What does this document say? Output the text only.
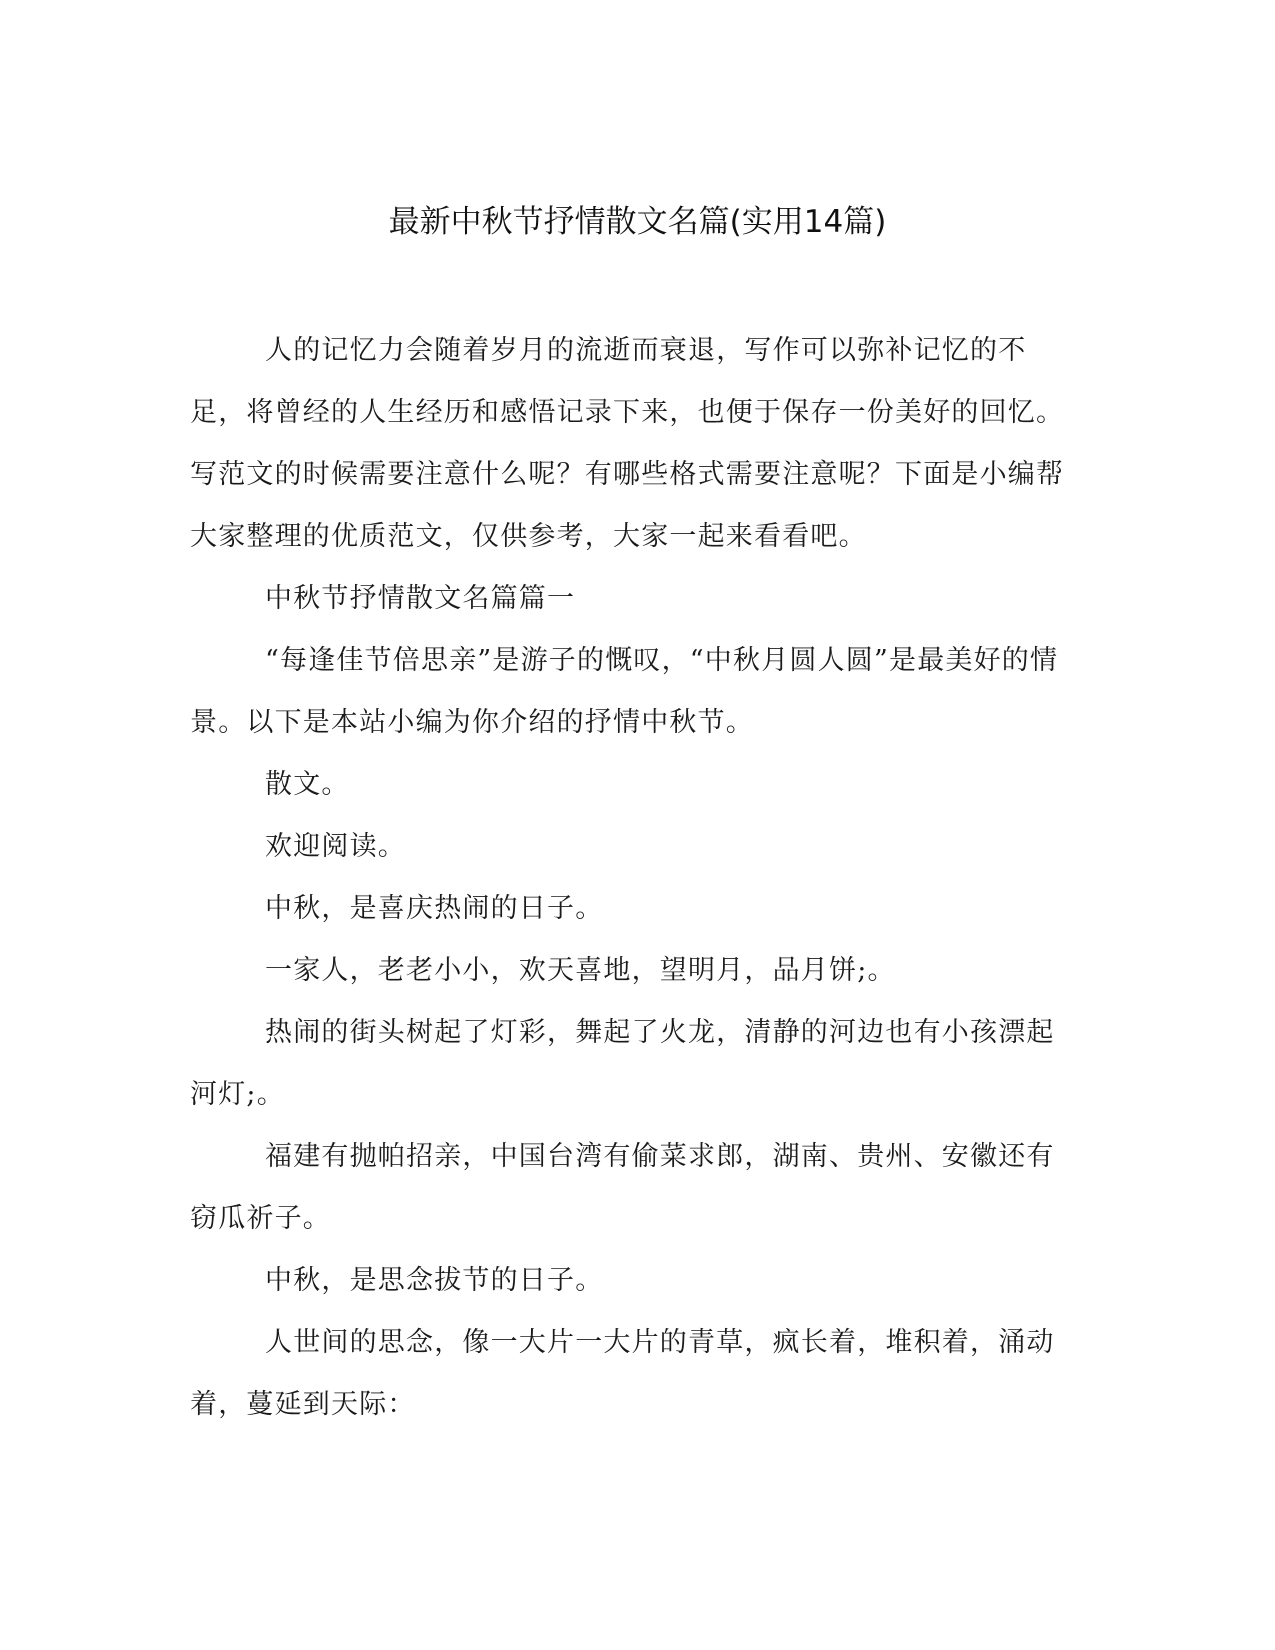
最新中秋节抒情散文名篇(实用14篇)

人的记忆力会随着岁月的流逝而衰退，写作可以弥补记忆的不足，将曾经的人生经历和感悟记录下来，也便于保存一份美好的回忆。写范文的时候需要注意什么呢？有哪些格式需要注意呢？下面是小编帮大家整理的优质范文，仅供参考，大家一起来看看吧。

中秋节抒情散文名篇篇一

“每逢佳节倍思亲”是游子的慨叹，“中秋月圆人圆”是最美好的情景。以下是本站小编为你介绍的抒情中秋节。

散文。

欢迎阅读。

中秋，是喜庆热闹的日子。

一家人，老老小小，欢天喜地，望明月，品月饼;。

热闹的街头树起了灯彩，舞起了火龙，清静的河边也有小孩漂起河灯;。

福建有抛帕招亲，中国台湾有偷菜求郎，湖南、贵州、安徽还有窃瓜祈子。

中秋，是思念拔节的日子。

人世间的思念，像一大片一大片的青草，疯长着，堆积着，涌动着，蔓延到天际：
